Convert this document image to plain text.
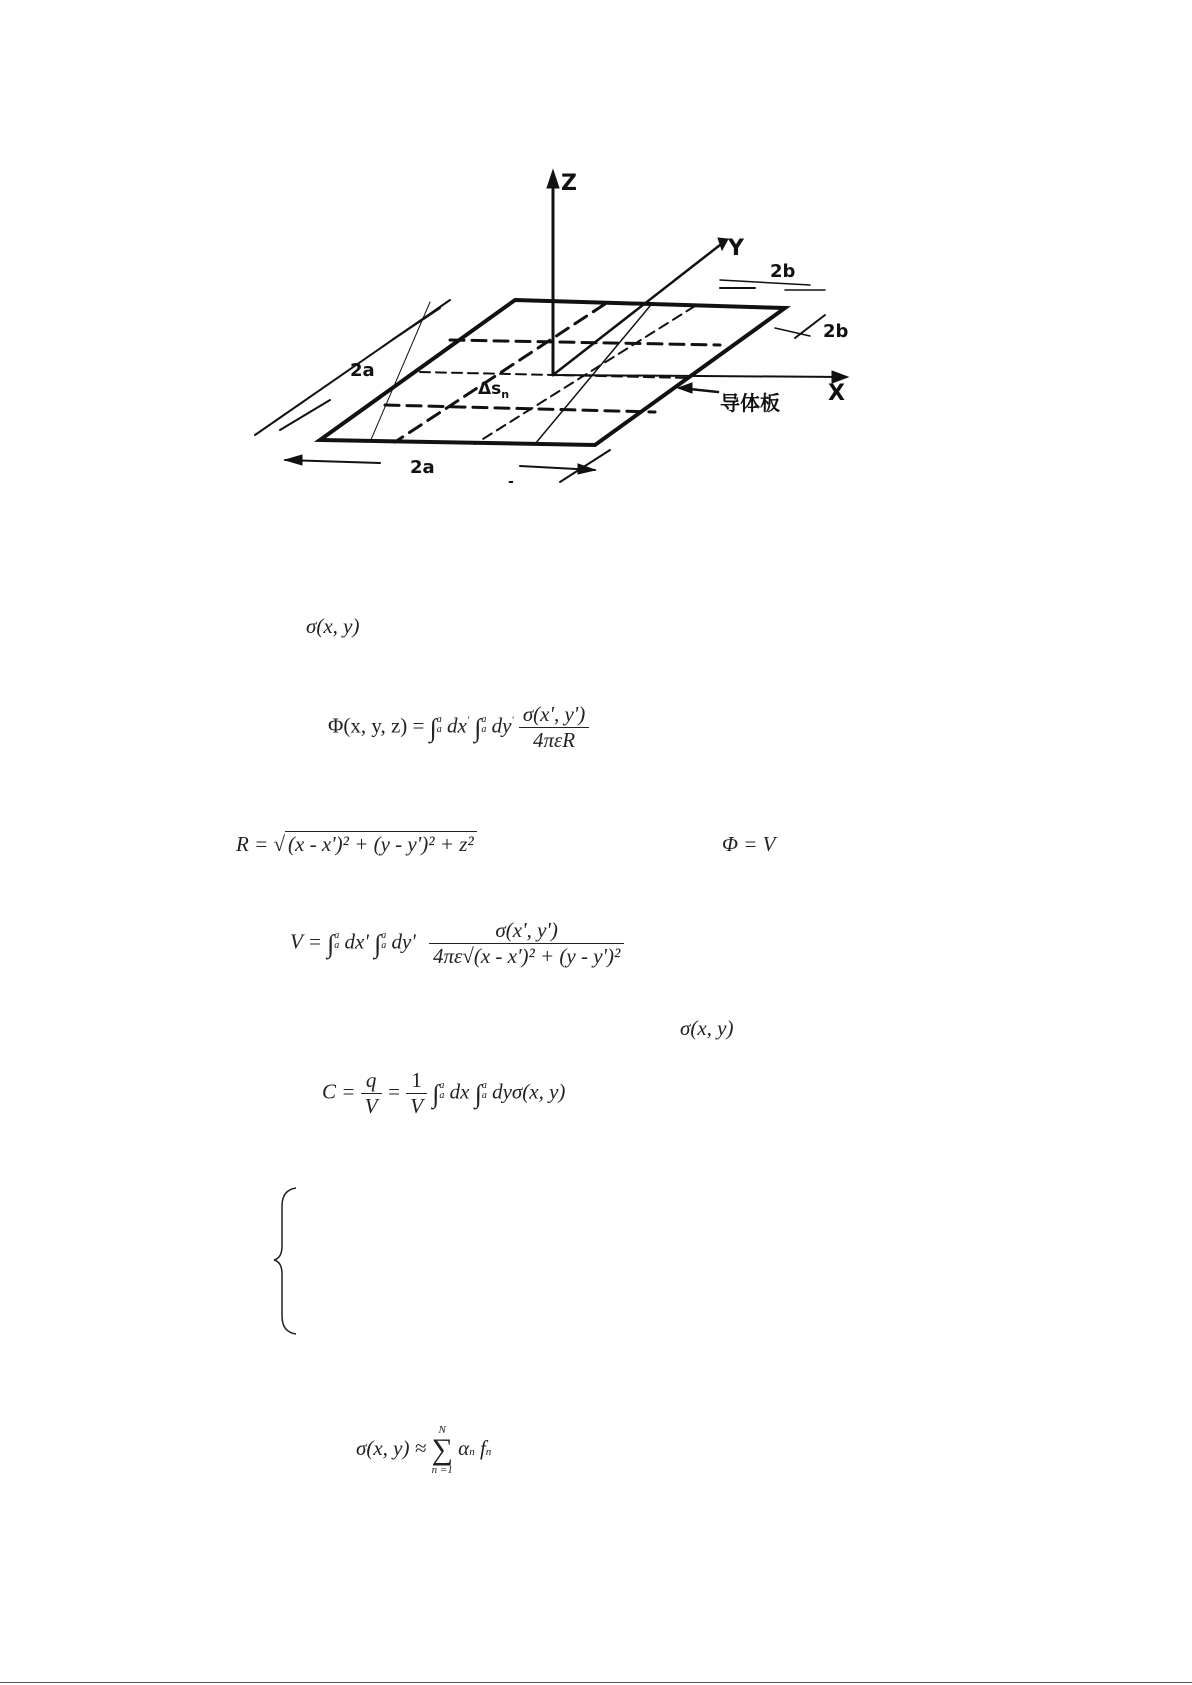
Z
Y
X
2b
2b
2a
2a
$\Delta s_n$	导体板
-
σ(x, y)
Φ(x, y, z) = ∫ a
a dx' ∫ a
a $dy' \frac{\sigma(x', y')}{\text{4πεR}}$
R = √ (x - x')² + (y - y')² + z²	Φ = V
V = ∫ a
a dx' ∫ a
a $dy' \frac{\sigma(x', y')}{\text{4πε√(x - x')² + (y - y')²}}$
σ(x, y)
$C = \frac{q}{V} = \frac{1}{V}$ ∫ a
a dx ∫ a
a dyσ(x, y)
σ(x, y) ≈
N
∑
n =1
αn fn
